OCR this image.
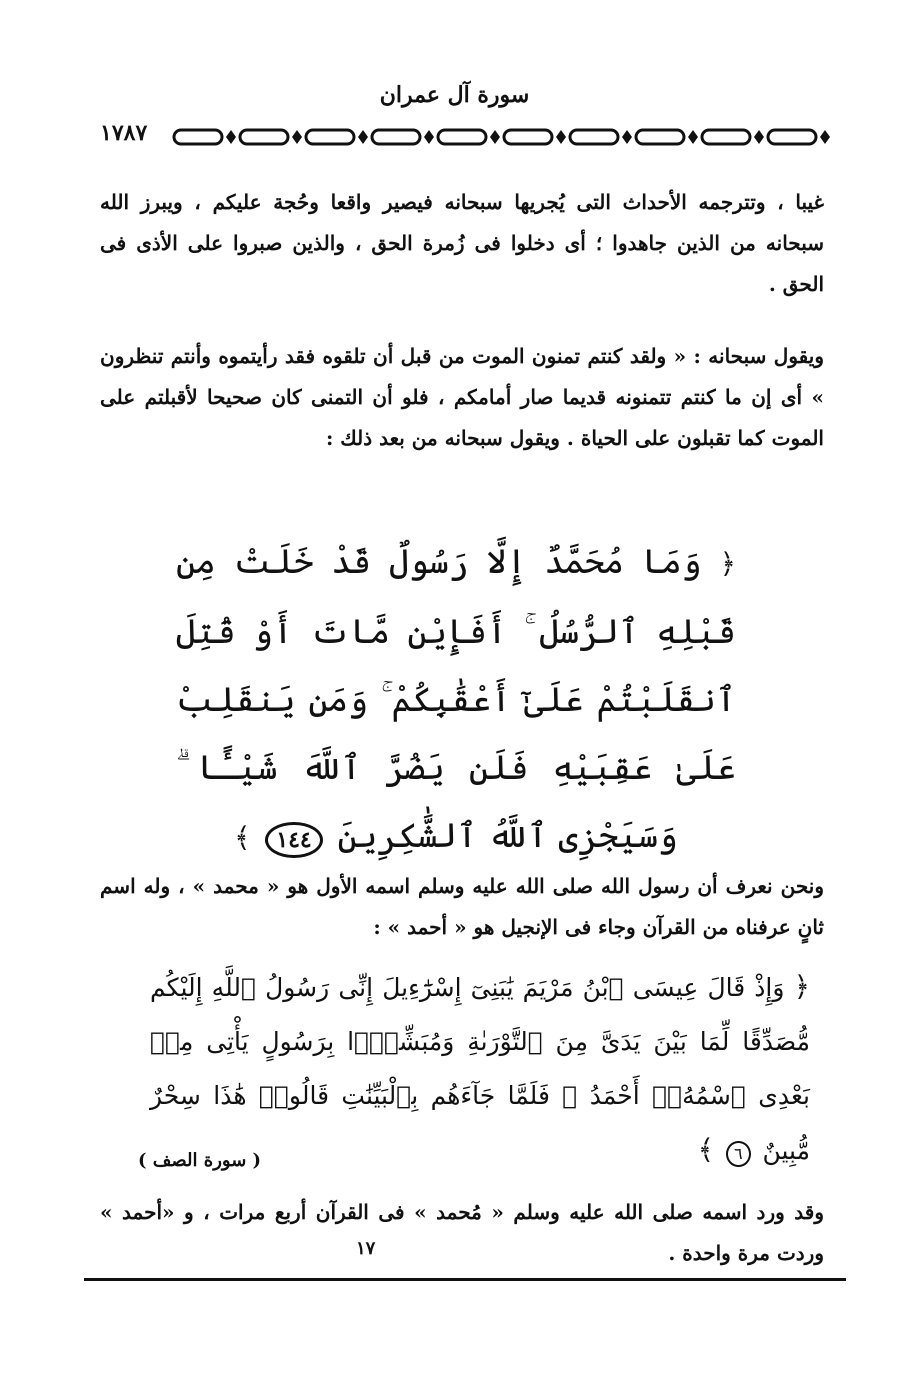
سورة آل عمران
١٧٨٧
غيبا ، وتترجمه الأحداث التى يُجريها سبحانه فيصير واقعا وحُجة عليكم ، ويبرز الله سبحانه من الذين جاهدوا ؛ أى دخلوا فى زُمرة الحق ، والذين صبروا على الأذى فى الحق .
ويقول سبحانه : « ولقد كنتم تمنون الموت من قبل أن تلقوه فقد رأيتموه وأنتم تنظرون » أى إن ما كنتم تتمنونه قديما صار أمامكم ، فلو أن التمنى كان صحيحا لأقبلتم على الموت كما تقبلون على الحياة . ويقول سبحانه من بعد ذلك :
﴿ وَمَا مُحَمَّدٌ إِلَّا رَسُولٌ قَدْ خَلَتْ مِن قَبْلِهِ ٱلرُّسُلُ ۚ أَفَإِيْن مَّاتَ أَوْ قُتِلَ ٱنقَلَبْتُمْ عَلَىٰٓ أَعْقَٰبِكُمْ ۚ وَمَن يَنقَلِبْ عَلَىٰ عَقِبَيْهِ فَلَن يَضُرَّ ٱللَّهَ شَيْـًٔا ۗ وَسَيَجْزِى ٱللَّهُ ٱلشَّٰكِرِينَ ١٤٤ ﴾
ونحن نعرف أن رسول الله صلى الله عليه وسلم اسمه الأول هو « محمد » ، وله اسم ثانٍ عرفناه من القرآن وجاء فى الإنجيل هو « أحمد » :
﴿ وَإِذْ قَالَ عِيسَى ٱبْنُ مَرْيَمَ يَٰبَنِىٓ إِسْرَٰٓءِيلَ إِنِّى رَسُولُ ٱللَّهِ إِلَيْكُم مُّصَدِّقًا لِّمَا بَيْنَ يَدَىَّ مِنَ ٱلتَّوْرَىٰةِ وَمُبَشِّرًۢا بِرَسُولٍ يَأْتِى مِنۢ بَعْدِى ٱسْمُهُۥٓ أَحْمَدُ ۖ فَلَمَّا جَآءَهُم بِٱلْبَيِّنَٰتِ قَالُوا۟ هَٰذَا سِحْرٌ مُّبِينٌ ٦ ﴾
( سورة الصف )
وقد ورد اسمه صلى الله عليه وسلم « مُحمد » فى القرآن أربع مرات ، و «أحمد » وردت مرة واحدة .
١٧
